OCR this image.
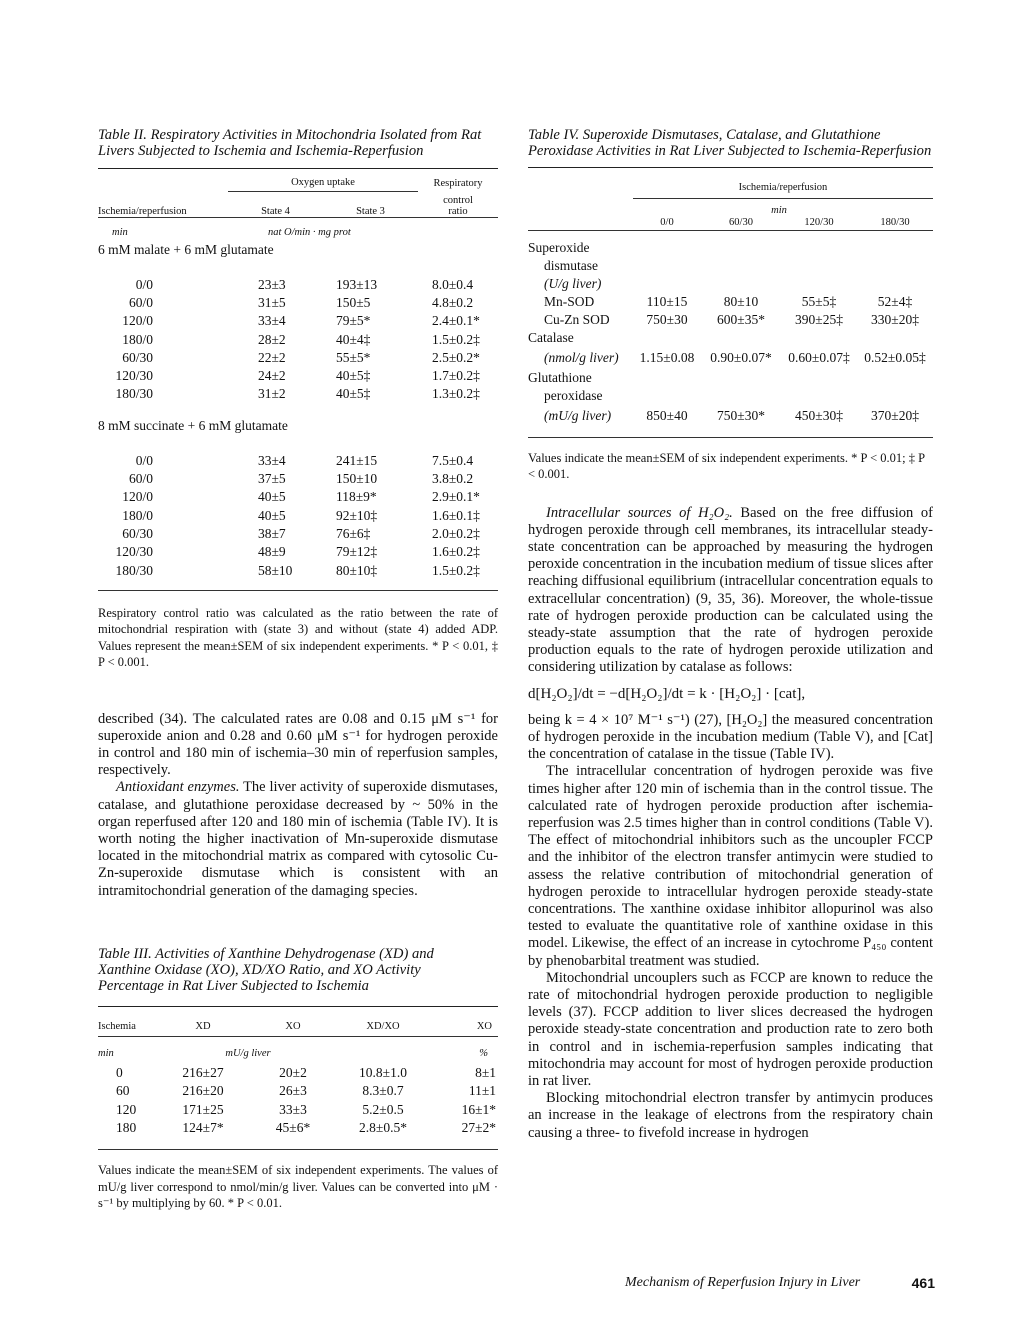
Table II. Respiratory Activities in Mitochondria Isolated from Rat Livers Subjected to Ischemia and Ischemia-Reperfusion
	Oxygen uptake		Respiratory
Ischemia/reperfusion	State 4	State 3	control
ratio

min	nat O/min · mg prot		
6 mM malate + 6 mM glutamate			

0/0	23±3	193±13	8.0±0.4
60/0	31±5	150±5	4.8±0.2
120/0	33±4	79±5*	2.4±0.1*
180/0	28±2	40±4‡	1.5±0.2‡
60/30	22±2	55±5*	2.5±0.2*
120/30	24±2	40±5‡	1.7±0.2‡
180/30	31±2	40±5‡	1.3±0.2‡
8 mM succinate + 6 mM glutamate			

0/0	33±4	241±15	7.5±0.4
60/0	37±5	150±10	3.8±0.2
120/0	40±5	118±9*	2.9±0.1*
180/0	40±5	92±10‡	1.6±0.1‡
60/30	38±7	76±6‡	2.0±0.2‡
120/30	48±9	79±12‡	1.6±0.2‡
180/30	58±10	80±10‡	1.5±0.2‡
Respiratory control ratio was calculated as the ratio between the rate of mitochondrial respiration with (state 3) and without (state 4) added ADP. Values represent the mean±SEM of six independent experiments. * P < 0.01, ‡ P < 0.001.

described (34). The calculated rates are 0.08 and 0.15 μM s⁻¹ for superoxide anion and 0.28 and 0.60 μM s⁻¹ for hydrogen peroxide in control and 180 min of ischemia–30 min of reperfusion samples, respectively.

Antioxidant enzymes. The liver activity of superoxide dismutases, catalase, and glutathione peroxidase decreased by ~ 50% in the organ reperfused after 120 and 180 min of ischemia (Table IV). It is worth noting the higher inactivation of Mn-superoxide dismutase located in the mitochondrial matrix as compared with cytosolic Cu-Zn-superoxide dismutase which is consistent with an intramitochondrial generation of the damaging species.

Table III. Activities of Xanthine Dehydrogenase (XD) and Xanthine Oxidase (XO), XD/XO Ratio, and XO Activity Percentage in Rat Liver Subjected to Ischemia
Ischemia	XD	XO	XD/XO	XO

min	mU/g liver			%
0	216±27	20±2	10.8±1.0	8±1
60	216±20	26±3	8.3±0.7	11±1
120	171±25	33±3	5.2±0.5	16±1*
180	124±7*	45±6*	2.8±0.5*	27±2*
Values indicate the mean±SEM of six independent experiments. The values of mU/g liver correspond to nmol/min/g liver. Values can be converted into μM · s⁻¹ by multiplying by 60. * P < 0.01.
Table IV. Superoxide Dismutases, Catalase, and Glutathione Peroxidase Activities in Rat Liver Subjected to Ischemia-Reperfusion
	Ischemia/reperfusion			
		min		
	0/0	60/30	120/30	180/30

Superoxide				
dismutase				
(U/g liver)				
Mn-SOD	110±15	80±10	55±5‡	52±4‡
Cu-Zn SOD	750±30	600±35*	390±25‡	330±20‡
Catalase				
(nmol/g liver)	1.15±0.08	0.90±0.07*	0.60±0.07‡	0.52±0.05‡
Glutathione				
peroxidase				
(mU/g liver)	850±40	750±30*	450±30‡	370±20‡
Values indicate the mean±SEM of six independent experiments. * P < 0.01; ‡ P < 0.001.

Intracellular sources of H₂O₂. Based on the free diffusion of hydrogen peroxide through cell membranes, its intracellular steady-state concentration can be approached by measuring the hydrogen peroxide concentration in the incubation medium of tissue slices after reaching diffusional equilibrium (intracellular concentration equals to extracellular concentration) (9, 35, 36). Moreover, the whole-tissue rate of hydrogen peroxide production can be calculated using the steady-state assumption that the rate of hydrogen peroxide production equals to the rate of hydrogen peroxide utilization and considering utilization by catalase as follows:

d[H₂O₂]/dt = −d[H₂O₂]/dt = k · [H₂O₂] · [cat],

being k = 4 × 10⁷ M⁻¹ s⁻¹) (27), [H₂O₂] the measured concentration of hydrogen peroxide in the incubation medium (Table V), and [Cat] the concentration of catalase in the tissue (Table IV).

The intracellular concentration of hydrogen peroxide was five times higher after 120 min of ischemia than in the control tissue. The calculated rate of hydrogen peroxide production after ischemia-reperfusion was 2.5 times higher than in control conditions (Table V). The effect of mitochondrial inhibitors such as the uncoupler FCCP and the inhibitor of the electron transfer antimycin were studied to assess the relative contribution of mitochondrial generation of hydrogen peroxide to intracellular hydrogen peroxide steady-state concentrations. The xanthine oxidase inhibitor allopurinol was also tested to evaluate the quantitative role of xanthine oxidase in this model. Likewise, the effect of an increase in cytochrome P₄₅₀ content by phenobarbital treatment was studied.

Mitochondrial uncouplers such as FCCP are known to reduce the rate of mitochondrial hydrogen peroxide production to negligible levels (37). FCCP addition to liver slices decreased the hydrogen peroxide steady-state concentration and production rate to zero both in control and in ischemia-reperfusion samples indicating that mitochondria may account for most of hydrogen peroxide production in rat liver.

Blocking mitochondrial electron transfer by antimycin produces an increase in the leakage of electrons from the respiratory chain causing a three- to fivefold increase in hydrogen

Mechanism of Reperfusion Injury in Liver	461
